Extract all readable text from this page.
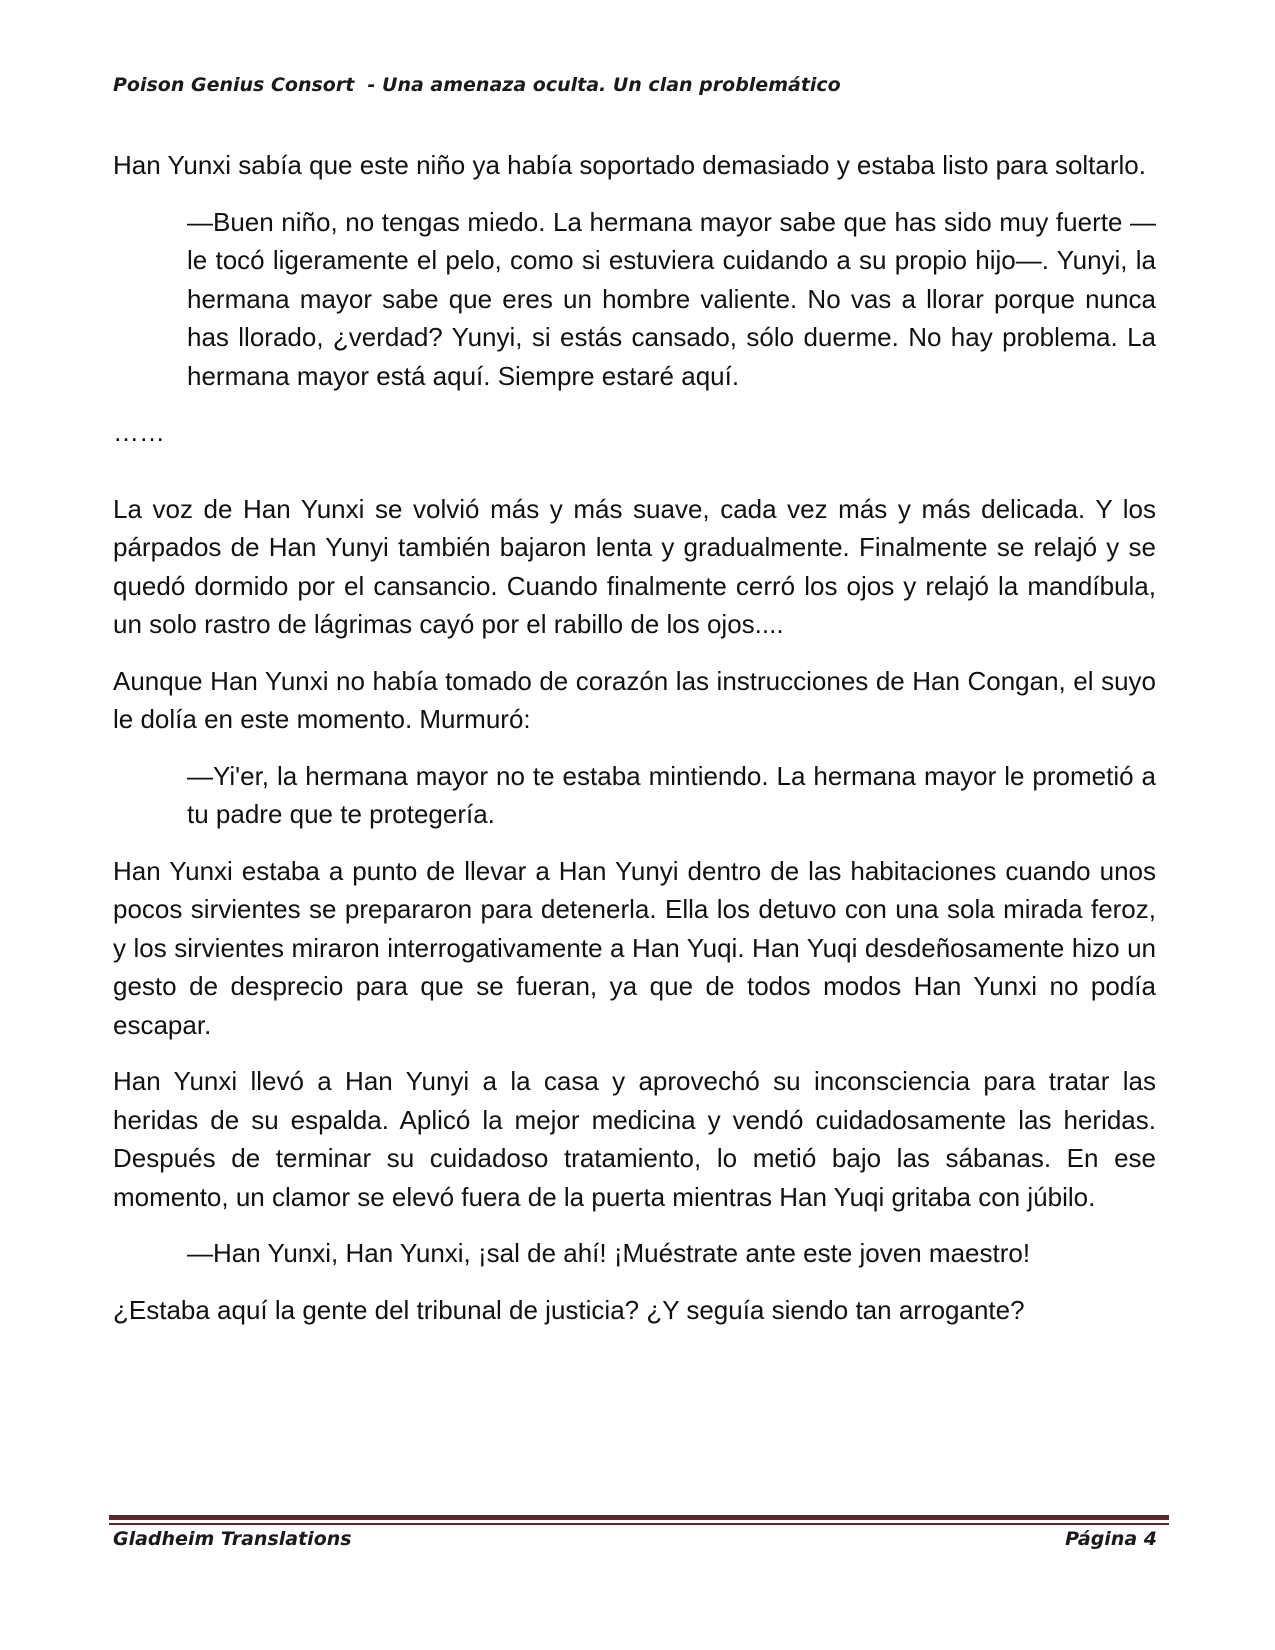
Poison Genius Consort  - Una amenaza oculta. Un clan problemático

Han Yunxi sabía que este niño ya había soportado demasiado y estaba listo para soltarlo.

—Buen niño, no tengas miedo. La hermana mayor sabe que has sido muy fuerte —le tocó ligeramente el pelo, como si estuviera cuidando a su propio hijo—. Yunyi, la hermana mayor sabe que eres un hombre valiente. No vas a llorar porque nunca has llorado, ¿verdad? Yunyi, si estás cansado, sólo duerme. No hay problema. La hermana mayor está aquí. Siempre estaré aquí.

……

La voz de Han Yunxi se volvió más y más suave, cada vez más y más delicada. Y los párpados de Han Yunyi también bajaron lenta y gradualmente. Finalmente se relajó y se quedó dormido por el cansancio. Cuando finalmente cerró los ojos y relajó la mandíbula, un solo rastro de lágrimas cayó por el rabillo de los ojos....

Aunque Han Yunxi no había tomado de corazón las instrucciones de Han Congan, el suyo le dolía en este momento. Murmuró:

—Yi'er, la hermana mayor no te estaba mintiendo. La hermana mayor le prometió a tu padre que te protegería.

Han Yunxi estaba a punto de llevar a Han Yunyi dentro de las habitaciones cuando unos pocos sirvientes se prepararon para detenerla. Ella los detuvo con una sola mirada feroz, y los sirvientes miraron interrogativamente a Han Yuqi. Han Yuqi desdeñosamente hizo un gesto de desprecio para que se fueran, ya que de todos modos Han Yunxi no podía escapar.

Han Yunxi llevó a Han Yunyi a la casa y aprovechó su inconsciencia para tratar las heridas de su espalda. Aplicó la mejor medicina y vendó cuidadosamente las heridas. Después de terminar su cuidadoso tratamiento, lo metió bajo las sábanas. En ese momento, un clamor se elevó fuera de la puerta mientras Han Yuqi gritaba con júbilo.

—Han Yunxi, Han Yunxi, ¡sal de ahí! ¡Muéstrate ante este joven maestro!

¿Estaba aquí la gente del tribunal de justicia? ¿Y seguía siendo tan arrogante?

Gladheim Translations	Página 4
